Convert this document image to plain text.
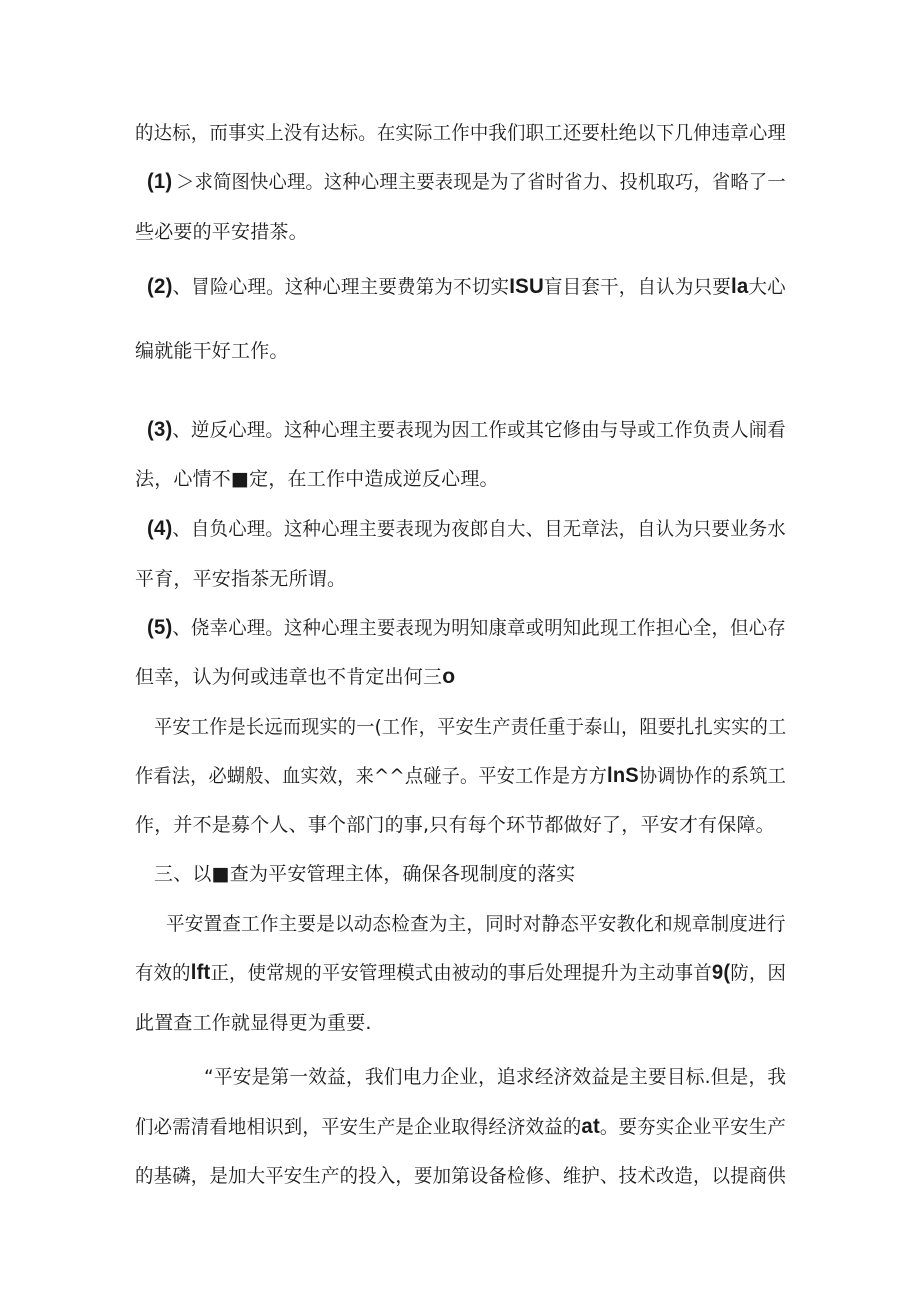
的达标，而事实上没有达标。在实际工作中我们职工还要杜绝以下几伸违章心理
(1) ＞求简图快心理。这种心理主要表现是为了省时省力、投机取巧，省略了一
些必要的平安措茶。
(2)、冒险心理。这种心理主要费第为不切实ISU盲目套干，自认为只要la大心
编就能干好工作。
(3)、逆反心理。这种心理主要表现为因工作或其它修由与导或工作负责人闹看
法，心情不■定，在工作中造成逆反心理。
(4)、自负心理。这种心理主要表现为夜郎自大、目无章法，自认为只要业务水
平育，平安指茶无所谓。
(5)、侥幸心理。这种心理主要表现为明知康章或明知此现工作担心全，但心存
但幸，认为何或违章也不肯定出何三o
平安工作是长远而现实的一(工作，平安生产责任重于泰山，阻要扎扎实实的工
作看法，必蝴般、血实效，来^^点碰子。平安工作是方方lnS协调协作的系筑工
作，并不是募个人、事个部门的事,只有每个环节都做好了，平安才有保障。
三、以■查为平安管理主体，确保各现制度的落实
平安置查工作主要是以动态检查为主，同时对静态平安教化和规章制度进行
有效的lft正，使常规的平安管理模式由被动的事后处理提升为主动事首9(防，因
此置查工作就显得更为重要.
“平安是第一效益，我们电力企业，追求经济效益是主要目标.但是，我
们必需清看地相识到，平安生产是企业取得经济效益的at。要夯实企业平安生产
的基磷，是加大平安生产的投入，要加第设备检修、维护、技术改造，以提商供
